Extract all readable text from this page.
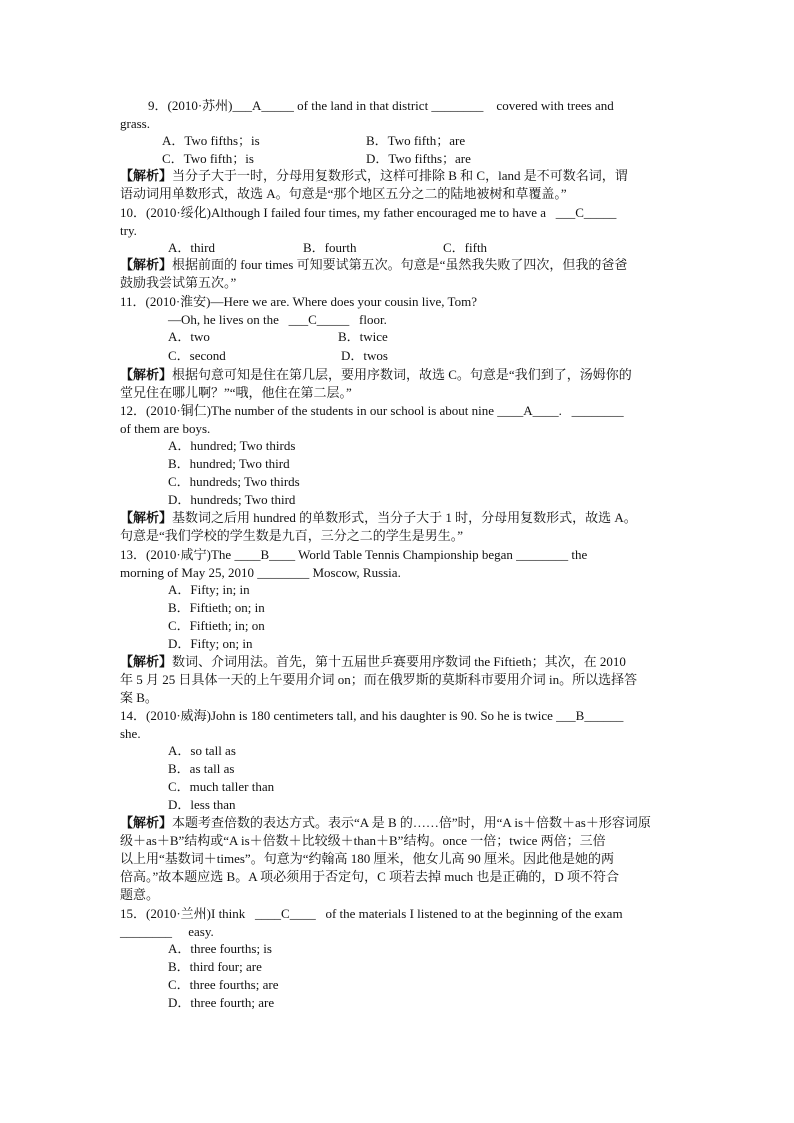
9．(2010·苏州)___A_____ of the land in that district ________    covered with trees and
grass.
A．Two fifths；is	B．Two fifth；are
C．Two fifth；is	D．Two fifths；are
【解析】当分子大于一时，分母用复数形式，这样可排除 B 和 C，land 是不可数名词，谓
语动词用单数形式，故选 A。句意是“那个地区五分之二的陆地被树和草覆盖。”
10．(2010·绥化)Although I failed four times, my father encouraged me to have a   ___C_____
try.
A．third	B．fourth	C．fifth
【解析】根据前面的 four times 可知要试第五次。句意是“虽然我失败了四次，但我的爸爸
鼓励我尝试第五次。”
11．(2010·淮安)—Here we are. Where does your cousin live, Tom?
—Oh, he lives on the   ___C_____   floor.
A．two	B．twice
C．second	D．twos
【解析】根据句意可知是住在第几层，要用序数词，故选 C。句意是“我们到了，汤姆你的
堂兄住在哪儿啊？”“哦，他住在第二层。”
12．(2010·铜仁)The number of the students in our school is about nine ____A____.   ________
of them are boys.
A．hundred; Two thirds
B．hundred; Two third
C．hundreds; Two thirds
D．hundreds; Two third
【解析】基数词之后用 hundred 的单数形式，当分子大于 1 时，分母用复数形式，故选 A。
句意是“我们学校的学生数是九百，三分之二的学生是男生。”
13．(2010·咸宁)The ____B____ World Table Tennis Championship began ________ the
morning of May 25, 2010 ________ Moscow, Russia.
A．Fifty; in; in
B．Fiftieth; on; in
C．Fiftieth; in; on
D．Fifty; on; in
【解析】数词、介词用法。首先，第十五届世乒赛要用序数词 the Fiftieth；其次，在 2010
年 5 月 25 日具体一天的上午要用介词 on；而在俄罗斯的莫斯科市要用介词 in。所以选择答
案 B。
14．(2010·威海)John is 180 centimeters tall, and his daughter is 90. So he is twice ___B______
she.
A．so tall as
B．as tall as
C．much taller than
D．less than
【解析】本题考查倍数的表达方式。表示“A 是 B 的……倍”时，用“A is＋倍数＋as＋形容词原
级＋as＋B”结构或“A is＋倍数＋比较级＋than＋B”结构。once 一倍；twice 两倍；三倍
以上用“基数词＋times”。句意为“约翰高 180 厘米，他女儿高 90 厘米。因此他是她的两
倍高。”故本题应选 B。A 项必须用于否定句，C 项若去掉 much 也是正确的，D 项不符合
题意。
15．(2010·兰州)I think   ____C____   of the materials I listened to at the beginning of the exam
________     easy.
A．three fourths; is
B．third four; are
C．three fourths; are
D．three fourth; are
